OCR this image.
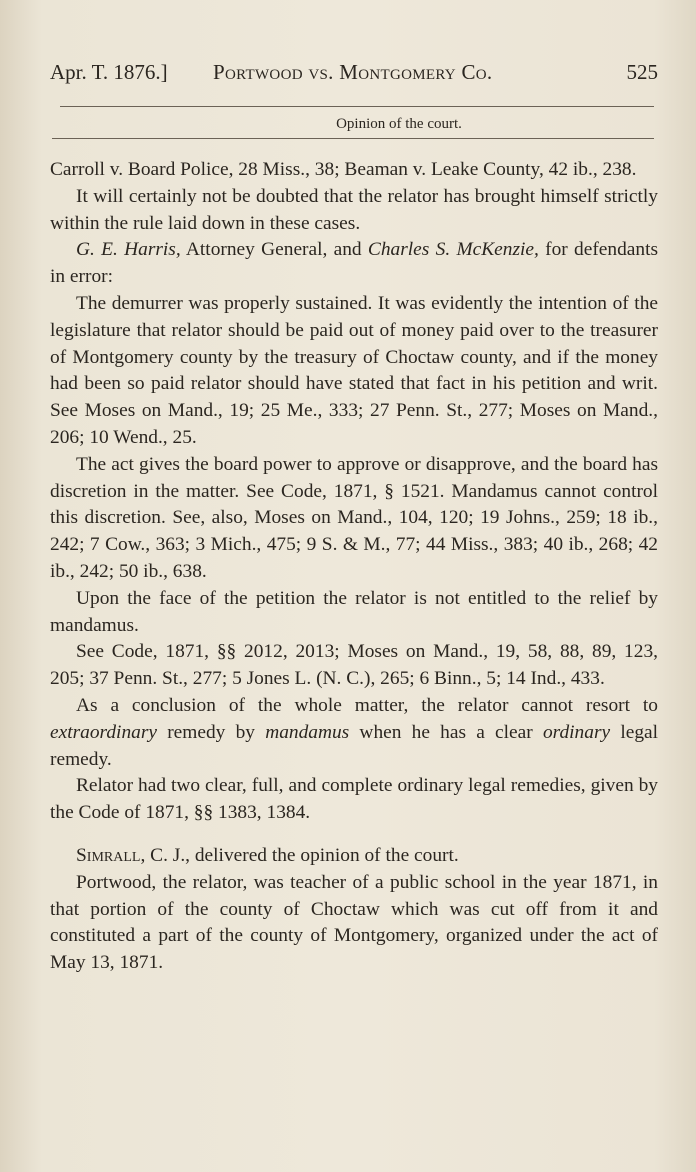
Apr. T. 1876.] Portwood vs. Montgomery Co.	525
Opinion of the court.

Carroll v. Board Police, 28 Miss., 38; Beaman v. Leake County, 42 ib., 238.

It will certainly not be doubted that the relator has brought himself strictly within the rule laid down in these cases.

G. E. Harris, Attorney General, and Charles S. McKenzie, for defendants in error:

The demurrer was properly sustained. It was evidently the intention of the legislature that relator should be paid out of money paid over to the treasurer of Montgomery county by the treasury of Choctaw county, and if the money had been so paid relator should have stated that fact in his petition and writ. See Moses on Mand., 19; 25 Me., 333; 27 Penn. St., 277; Moses on Mand., 206; 10 Wend., 25.

The act gives the board power to approve or disapprove, and the board has discretion in the matter. See Code, 1871, § 1521. Mandamus cannot control this discretion. See, also, Moses on Mand., 104, 120; 19 Johns., 259; 18 ib., 242; 7 Cow., 363; 3 Mich., 475; 9 S. & M., 77; 44 Miss., 383; 40 ib., 268; 42 ib., 242; 50 ib., 638.

Upon the face of the petition the relator is not entitled to the relief by mandamus.

See Code, 1871, §§ 2012, 2013; Moses on Mand., 19, 58, 88, 89, 123, 205; 37 Penn. St., 277; 5 Jones L. (N. C.), 265; 6 Binn., 5; 14 Ind., 433.

As a conclusion of the whole matter, the relator cannot resort to extraordinary remedy by mandamus when he has a clear ordinary legal remedy.

Relator had two clear, full, and complete ordinary legal remedies, given by the Code of 1871, §§ 1383, 1384.

Simrall, C. J., delivered the opinion of the court.

Portwood, the relator, was teacher of a public school in the year 1871, in that portion of the county of Choctaw which was cut off from it and constituted a part of the county of Montgomery, organized under the act of May 13, 1871.
